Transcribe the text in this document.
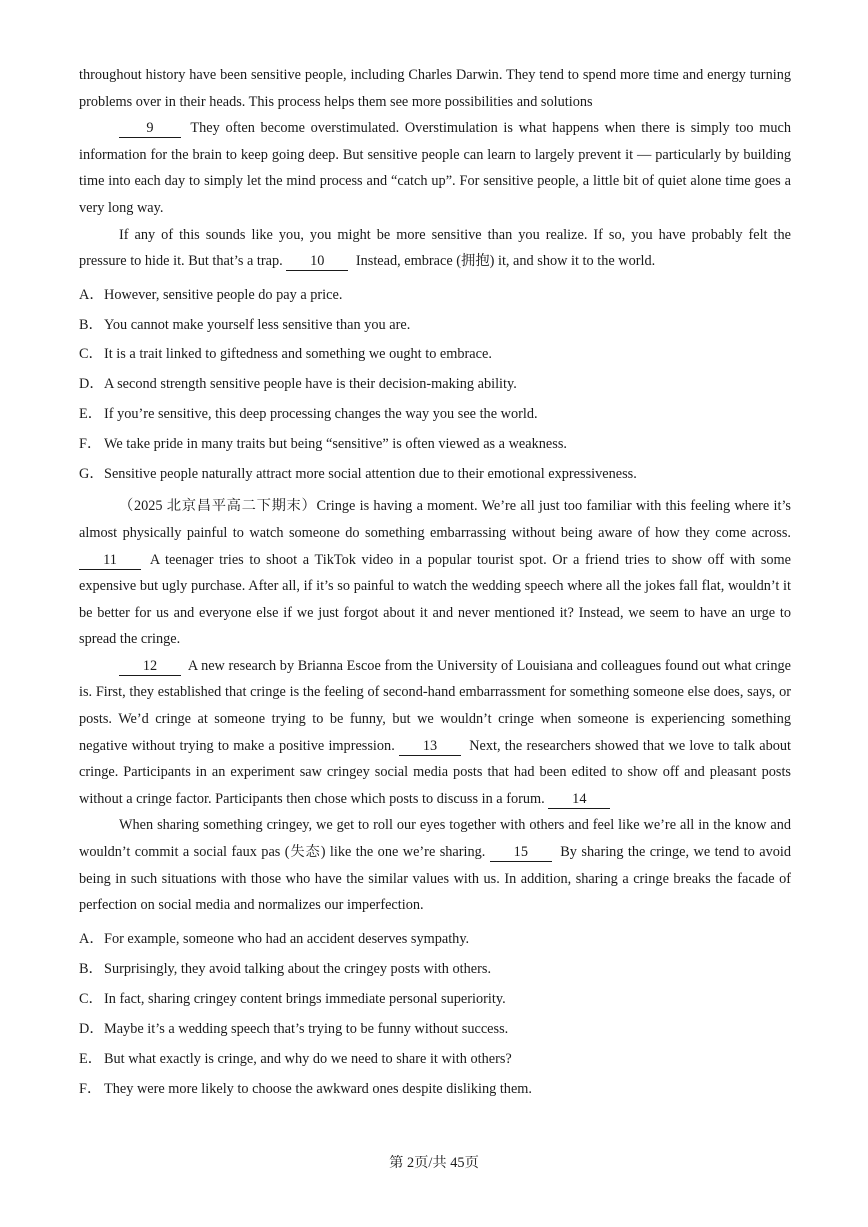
throughout history have been sensitive people, including Charles Darwin. They tend to spend more time and energy turning problems over in their heads. This process helps them see more possibilities and solutions

9	They often become overstimulated. Overstimulation is what happens when there is simply too much information for the brain to keep going deep. But sensitive people can learn to largely prevent it — particularly by building time into each day to simply let the mind process and “catch up”. For sensitive people, a little bit of quiet alone time goes a very long way.

If any of this sounds like you, you might be more sensitive than you realize. If so, you have probably felt the pressure to hide it. But that’s a trap. 10 Instead, embrace (拥抱) it, and show it to the world.

A．However, sensitive people do pay a price.

B．You cannot make yourself less sensitive than you are.

C．It is a trait linked to giftedness and something we ought to embrace.

D．A second strength sensitive people have is their decision-making ability.

E． If you’re sensitive, this deep processing changes the way you see the world.

F． We take pride in many traits but being “sensitive” is often viewed as a weakness.

G．Sensitive people naturally attract more social attention due to their emotional expressiveness.

（2025 北京昌平高二下期末）Cringe is having a moment. We’re all just too familiar with this feeling where it’s almost physically painful to watch someone do something embarrassing without being aware of how they come across. 11 A teenager tries to shoot a TikTok video in a popular tourist spot. Or a friend tries to show off with some expensive but ugly purchase. After all, if it’s so painful to watch the wedding speech where all the jokes fall flat, wouldn’t it be better for us and everyone else if we just forgot about it and never mentioned it? Instead, we seem to have an urge to spread the cringe.

12 A new research by Brianna Escoe from the University of Louisiana and colleagues found out what cringe is. First, they established that cringe is the feeling of second-hand embarrassment for something someone else does, says, or posts. We’d cringe at someone trying to be funny, but we wouldn’t cringe when someone is experiencing something negative without trying to make a positive impression. 13 Next, the researchers showed that we love to talk about cringe. Participants in an experiment saw cringey social media posts that had been edited to show off and pleasant posts without a cringe factor. Participants then chose which posts to discuss in a forum. 14

When sharing something cringey, we get to roll our eyes together with others and feel like we’re all in the know and wouldn’t commit a social faux pas (失态) like the one we’re sharing. 15 By sharing the cringe, we tend to avoid being in such situations with those who have the similar values with us. In addition, sharing a cringe breaks the facade of perfection on social media and normalizes our imperfection.

A．For example, someone who had an accident deserves sympathy.

B．Surprisingly, they avoid talking about the cringey posts with others.

C．In fact, sharing cringey content brings immediate personal superiority.

D．Maybe it’s a wedding speech that’s trying to be funny without success.

E． But what exactly is cringe, and why do we need to share it with others?

F． They were more likely to choose the awkward ones despite disliking them.

第 2页/共 45页
